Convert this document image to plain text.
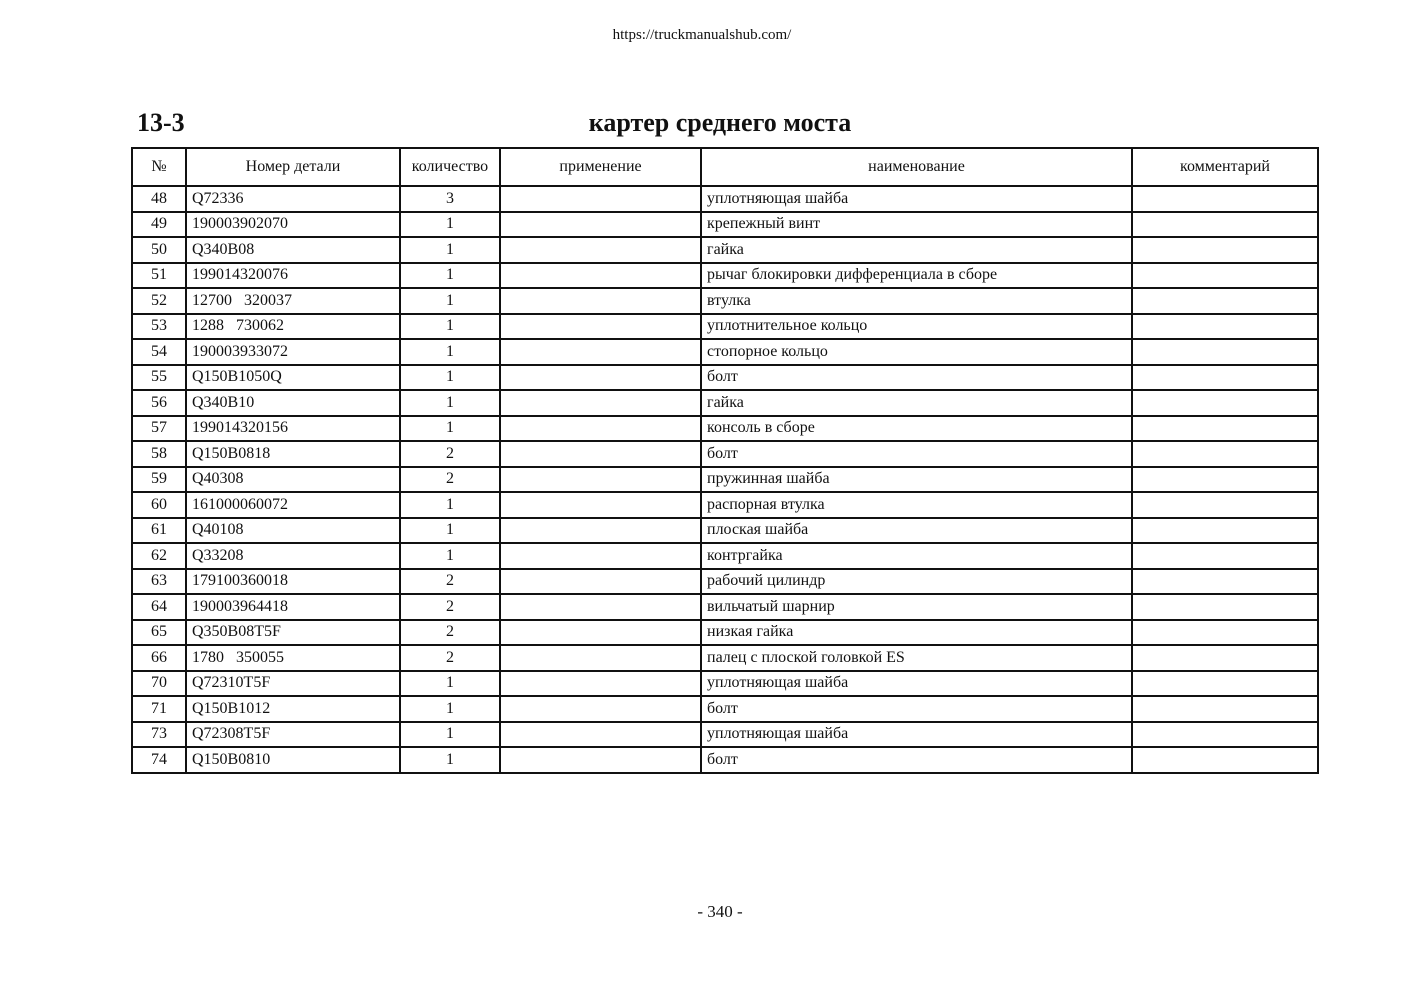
https://truckmanualshub.com/
13-3	картер среднего моста
№	Номер детали	количество	применение	наименование	комментарий
48	Q72336	3		уплотняющая шайба	
49	190003902070	1		крепежный винт	
50	Q340B08	1		гайка	
51	199014320076	1		рычаг блокировки дифференциала в сборе	
52	12700   320037	1		втулка	
53	1288   730062	1		уплотнительное кольцо	
54	190003933072	1		стопорное кольцо	
55	Q150B1050Q	1		болт	
56	Q340B10	1		гайка	
57	199014320156	1		консоль в сборе	
58	Q150B0818	2		болт	
59	Q40308	2		пружинная шайба	
60	161000060072	1		распорная втулка	
61	Q40108	1		плоская шайба	
62	Q33208	1		контргайка	
63	179100360018	2		рабочий цилиндр	
64	190003964418	2		вильчатый шарнир	
65	Q350B08T5F	2		низкая гайка	
66	1780   350055	2		палец с плоской головкой ES	
70	Q72310T5F	1		уплотняющая шайба	
71	Q150B1012	1		болт	
73	Q72308T5F	1		уплотняющая шайба	
74	Q150B0810	1		болт	
- 340 -
